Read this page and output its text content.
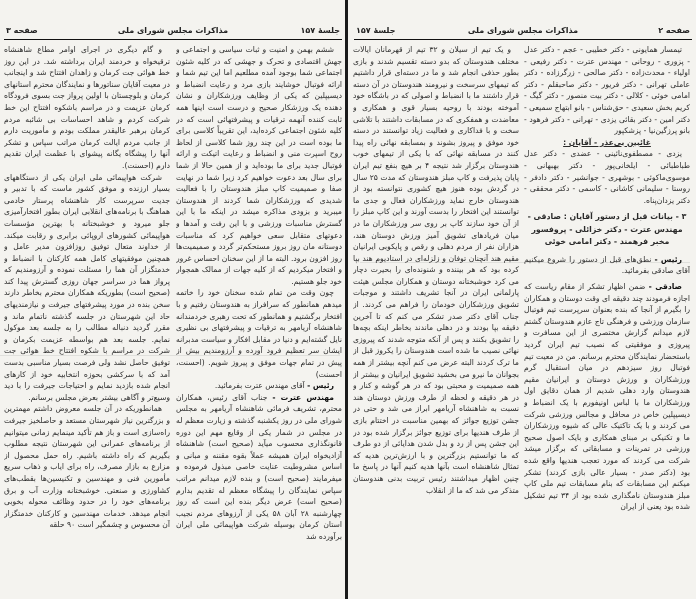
جلسهٔ ۱۵۷
مذاکرات مجلس شورای ملی
صفحه ۳

ششم بهمن و امنیت و ثبات سیاسی و اجتماعی و جهش اقتصادی و تحرک و جهشی که در کلیه شئون اجتماعی شما بوجود آمده مطلعیم اما این تیم شما و ارائه فوتبال خوشایند بازی مرد و رعایت انضباط و دیسیپلین که یکی از وظایف ورزشکاران و نشان دهنده یک ورزشکار صحیح و درست است اینها همه ثابت کننده آنهمه ترقیات و پیشرفتهائی است که در کلیه شئون اجتماعی کرده‌اید، این تقریباً کلاسی برای ما بوده است در این چند روز شما کلاسی از لحاظ روح اسپرت منی و انضباط و رعایت اتیکت و ارائه فوتبال جدید برای ما بوده‌اید و از همین حالا از شما برای سال بعد دعوت خواهیم کرد زیرا شما در نهایت صفا و صمیمیت کاپ مبلز هندوستان را با فعالیت شدیدی که ورزشکاران شما کردند از هندوستان میبرید و بزودی مذاکره میشد در اینکه ما با این گسترش مناسبات ورزشی و با این رفت و آمدها و دعوتهای متقابل سعی خواهیم کرد که مناسبات دوستانه مان روز بروز مستحکم‌تر گردد و صمیمیت‌ها روز افزون برود. البته ما از این سخنان احساس غرور و افتخار میکردیم که از کلیه جهات از ممالک همجوار خود جلو هستیم.

چون وقت من تمام شده سخنان خود را خاتمه میدهم همانطور که سرافراز به هندوستان رفتیم و با افتخار برگشتیم و همانطور که تحت رهبری خردمندانه شاهنشاه آریامهر به ترقیات و پیشرفتهای بی نظیری نایل گشته‌ایم و دنیا در مقابل افکار و سیاست مدبرانه ایشان سر تعظیم فرود آورده و آرزومندیم بیش از پیش در تمام جهات موفق و پیروز شویم. (احسنت، احسنت)

رئیس - آقای مهندس عترت بفرمائید.

مهندس عترت - جناب آقای رئیس، همکاران محترم، تشریف فرمائی شاهنشاه آریامهر به مجلس شورای ملی در روز یکشنبه گذشته و زیارت معظم له در مجلس در شمار یکی از وقایع مهم این دوره قانونگذاری محسوب میآید (صحیح است) شاهنشاه آزادیخواه ایران همیشه عملاً بقوه مقننه و مبانی و اساس مشروطیت عنایت خاصی مبذول فرموده و میفرمایند (صحیح است) و بنده لازم میدانم مراتب سپاس نمایندگان را پیشگاه معظم له تقدیم بدارم (صحیح است) عرض دیگر بنده این است که روز چهارشنبه ۲۸ آبان ۵۸ یکی از آرزوهای مردم نجیب استان کرمان بوسیله شرکت هواپیمائی ملی ایران برآورده شد

و گام دیگری در اجرای اوامر مطاع شاهنشاه ترقیخواه و خردمند ایران برداشته شد. در این روز خط هوائی جت کرمان و زاهدان افتتاح شد و اینجانب در معیت آقایان سناتورها و نمایندگان محترم استانهای کرمان و بلوچستان با اولین پرواز جت بسوی فرودگاه کرمان عزیمت و در مراسم باشکوه افتتاح این خط شرکت کردم و شاهد احساسات بی شائبه مردم کرمان برهبر عالیقدر مملکت بودم و مأموریت دارم از جانب مردم ایالت کرمان مراتب سپاس و تشکر آنها را پیشگاه یگانه پیشوای با عظمت ایران تقدیم دارم (احسنت).

شرکت هواپیمائی ملی ایران یکی از دستگاههای بسیار ارزنده و موفق کشور ماست که با تدبیر و جدیت سرپرست کار شاهنشاه پرستار خادمی هماهنگ با برنامه‌های انقلابی ایران بطور افتخارآمیزی جلو میرود و خوشبختانه با بهترین مؤسسات هواپیمائی کشورهای اروپائی برابری و رقابت میکند. از خداوند متعال توفیق روزافزون مدیر عامل و همچنین موفقیتهای کامل همه کارکنان با انضباط و خدمتگزار آن هما را مسئلت نموده و آرزومندیم که پرواز هما در سراسر جهان روزی گسترش پیدا کند (صحیح است) بطوریکه همکاران محترم بخاطر دارند سخن بنده در مورد پیشرفتهای جیرفت و نیازمندیهای حاد این شهرستان در جلسه گذشته ناتمام ماند و مقرر گردید دنباله مطالب را به جلسه بعد موکول نمایم. جلسه بعد هم بواسطه عزیمت بکرمان و شرکت در مراسم با شکوه افتتاح خط هوائی جت توفیق حاصل نشد ولی فرصت بسیار مناسبی بدست آمد که با سرکشی بحوزه انتخابیه خود از کارهای انجام شده بازدید نمایم و احتیاجات جیرفت را با دید وسیع‌تر و آگاهی بیشتر بعرض مجلس برسانم.

همانطوریکه در آن جلسه معروض داشتم مهمترین و بزرگترین نیاز شهرستان مستعد و حاصلخیز جیرفت راه‌سازی است و باز هم تأکید مینمایم زمانی میتوانیم از برنامه‌های عمرانی این شهرستان نتیجه مطلوب بگیریم که راه داشته باشیم. راه حمل محصول از مزارع به بازار مصرف، راه برای ایاب و ذهاب سریع مأمورین فنی و مهندسین و تکنیسین‌ها بقطب‌های کشاورزی و صنعتی. خوشبختانه وزارت آب و برق برنامه‌های خود را در حدود وظائف محوله بخوبی انجام میدهد. خدمات مهندسین و کارکنان خدمتگزار آن محسوس و چشمگیر است ۹۰ حلقه

صفحه ۲
مذاکرات مجلس شورای ملی
جلسهٔ ۱۵۷

تیمسار همایونی - دکتر خطیبی - عجم - دکتر عدل - پزوری - روحانی - مهندس عترت - دکتر رفیعی - اولیاء - محدث‌زاده - دکتر صالحی - زرگرزاده - دکتر عاملی تهرانی - دکتر فریور - دکتر صاحبقلم - دکتر امامی خوئی - کلالی - دکتر بیت منصور - دکتر گیگ - کریم بخش سعیدی - حق‌شناس - بانو ابتهاج سمیعی - دکتر امین - دکتر بقائی یزدی - تهرانی - دکتر فرهود - بانو پرزگین‌نیا - پزشکپور

غائبین بی‌عذر - آقایان :

یزدی - مصطفوی‌نائینی - عضدی - دکتر عدل طباطبائی - ایلخانی‌پور - دکتر بهبهانی - موسوی‌ماکوئی - بوشهری - جوانشیر - دکتر دادفر - روستا - سلیمانی کاشانی - کاسمی - دکتر محققی - دکتر یزدان‌پناه.

۳ - بیانات قبل از دستور آقایان : صادقی - مهندس عترت - دکتر خزائلی - پروفسور مخبر فرهمند - دکتر امامی خوئی

رئیس - نطق‌های قبل از دستور را شروع میکنیم آقای صادقی بفرمائید.

صادقی - ضمن اظهار تشکر از مقام ریاست که اجازه فرمودند چند دقیقه ای وقت دوستان و همکاران را بگیرم از آنجا که بنده بعنوان سرپرست تیم فوتبال سازمان ورزشی و فرهنگی تاج عازم هندوستان گشتم لازم میدانم گزارش مختصری از این مسافرت و پیروزی و موفقیتی که نصیب تیم ایران گردید باستحضار نمایندگان محترم برسانم. من در معیت تیم فوتبال روز سیزدهم در میان استقبال گرم ورزشکاران و ورزش دوستان و ایرانیان مقیم هندوستان وارد دهلی شدیم از همان دقایق اول ورزشکاران ما با لباس اونیفورم با یک انضباط و دیسیپلین خاص در محافل و مجالس ورزشی شرکت می کردند و با یک تاکتیک عالی که شیوه ورزشکاران ما و تکنیکی بر مبنای همکاری و بایک اصول صحیح ورزشی در تمرینات و مسابقاتی که برگزار میشد شرکت می کردند که مورد تعجب هندیها واقع شده بود (دکتر صدر - بسیار عالی بازی کردند) تشکر میکنم این مسابقات که بنام مسابقات تیم ملی کاپ مبلز هندوستان نامگذاری شده بود از ۳۴ تیم تشکیل شده بود یعنی از ایران

و یک تیم از سیلان و ۳۲ تیم از قهرمانان ایالات مختلف هندوستان که بدو دسته تقسیم شدند و بازی بطور حذفی انجام شد و ما در دسته‌ای قرار داشتیم که تیمهای سرسخت و نیرومند هندوستان در آن دسته قرار داشتند ما با انضباط و اصولی که در باشگاه خود آموخته بودند با روحیه بسیار قوی و همکاری و معاضدت و همفکری که در مسابقات داشتند با تلاشی سخت و با فداکاری و فعالیت زیاد توانستند در دسته خود موفق و پیروز بشوند و بمسابقه نهائی راه پیدا کنند در مسابقه نهائی که با یکی از تیمهای خوب هندوستان برگزار شد نتیجه ۴ بر هیچ بنفع تیم ایران پایان پذیرفت و کاپ مبلز هندوستان که مدت ۲۵ سال در گردش بوده هنوز هیچ کشوری نتوانسته بود از هندوستان خارج نماید ورزشکاران فعال و جدی ما توانستند این افتخار را بدست آورند و این کاپ مبلز را از آن خود سازند کاپ بر روی سر ورزشکاران ما در میان فریادهای تشویق آمیز ورزش دوستان هند، هزاران نفر از مردم دهلی و رقص و پایکوبی ایرانیان مقیم هند آنچنان توفان و زلزله‌ای در استادیوم هند بپا کرده بود که هر بیننده و شنونده‌ای را بحیرت دچار می کرد خوشبختانه دوستان و همکاران مجلس هیئت پارلمانی ایران در آنجا تشریف داشتند و موجبات تشویق ورزشکاران خودمان را فراهم می کردند. از جناب آقای دکتر صدر تشکر می کنم که تا آخرین دقیقه بپا بودند و در دهلی ماندند بخاطر اینکه بچه‌ها را تشویق بکنند و پس از آنکه متوجه شدند که پیروزی نهائی نصیب ما شده است هندوستان را یکروز قبل از ما ترک کردند البته عرض می کنم آنچه بیشتر از همه بجوانان ما نیرو می بخشید تشویق ایرانیان و بیشتر از همه صمیمیت و محبتی بود که در هر گوشه و کنار و در هر دقیقه و لحظه از طرف ورزش دوستان هند نسبت به شاهنشاه آریامهر ابراز می شد و حتی در جشن توزیع جوائز که بهمین مناسبت در اختتام بازی از طرف هندیها برای توزیع جوائز برگزار شده بود در این جشن پس از رد و بدل شدن هدایائی از دو طرف که ما توانستیم بزرگترین و با ارزش‌ترین هدیه که تمثال شاهنشاه است بآنها هدیه کنیم آنها در پاسخ ما چنین اظهار میداشتند رئیس تربیت بدنی هندوستان متذکر می شد که ما از انقلاب
